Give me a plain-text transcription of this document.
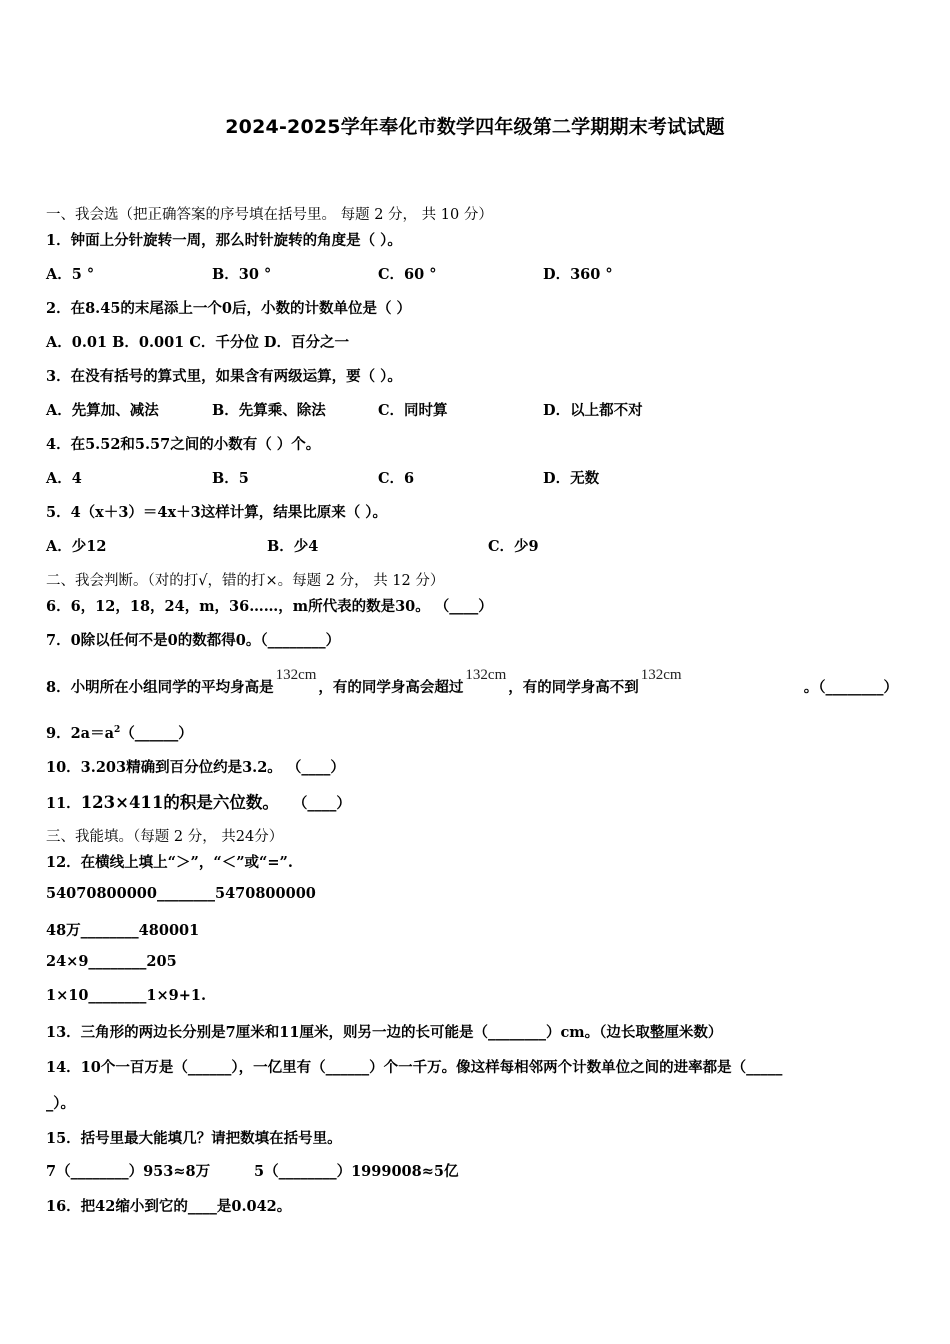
2024-2025学年奉化市数学四年级第二学期期末考试试题
一、我会选（把正确答案的序号填在括号里。 每题 2 分， 共 10 分）
1．钟面上分针旋转一周，那么时针旋转的角度是（ ）。
A．5 °	B．30 °	C．60 °	D．360 °
2．在8.45的末尾添上一个0后，小数的计数单位是（ ）
A．0.01 B．0.001 C．千分位 D．百分之一
3．在没有括号的算式里，如果含有两级运算，要（ ）。
A．先算加、减法	B．先算乘、除法	C．同时算	D．以上都不对
4．在5.52和5.57之间的小数有（ ）个。
A．4	B．5	C．6	D．无数
5．4（x＋3）＝4x＋3这样计算，结果比原来（ ）。
A．少12	B．少4	C．少9
二、我会判断。（对的打√，错的打×。每题 2 分， 共 12 分）
6．6，12，18，24，m，36……，m所代表的数是30。 （____）
7．0除以任何不是0的数都得0。（________）
8．小明所在小组同学的平均身高是132cm，有的同学身高会超过132cm，有的同学身高不到132cm
。（________）
9．$2a=a^2(\_\_\_\_\_\_)$
10．3.203精确到百分位约是3.2。 （____）
11．123×411的积是六位数。 （____）
三、我能填。（每题 2 分， 共24分）
12．在横线上填上“＞”，“＜”或“=”.
54070800000________5470800000
48万________480001
24×9________205
1×10________1×9+1.
13．三角形的两边长分别是7厘米和11厘米，则另一边的长可能是（________）cm。（边长取整厘米数）
14．10个一百万是（______），一亿里有（______）个一千万。像这样每相邻两个计数单位之间的进率都是（_____
_）。
15．括号里最大能填几？请把数填在括号里。
7（________）953≈8万	5（________）1999008≈5亿
16．把42缩小到它的____是0.042。
